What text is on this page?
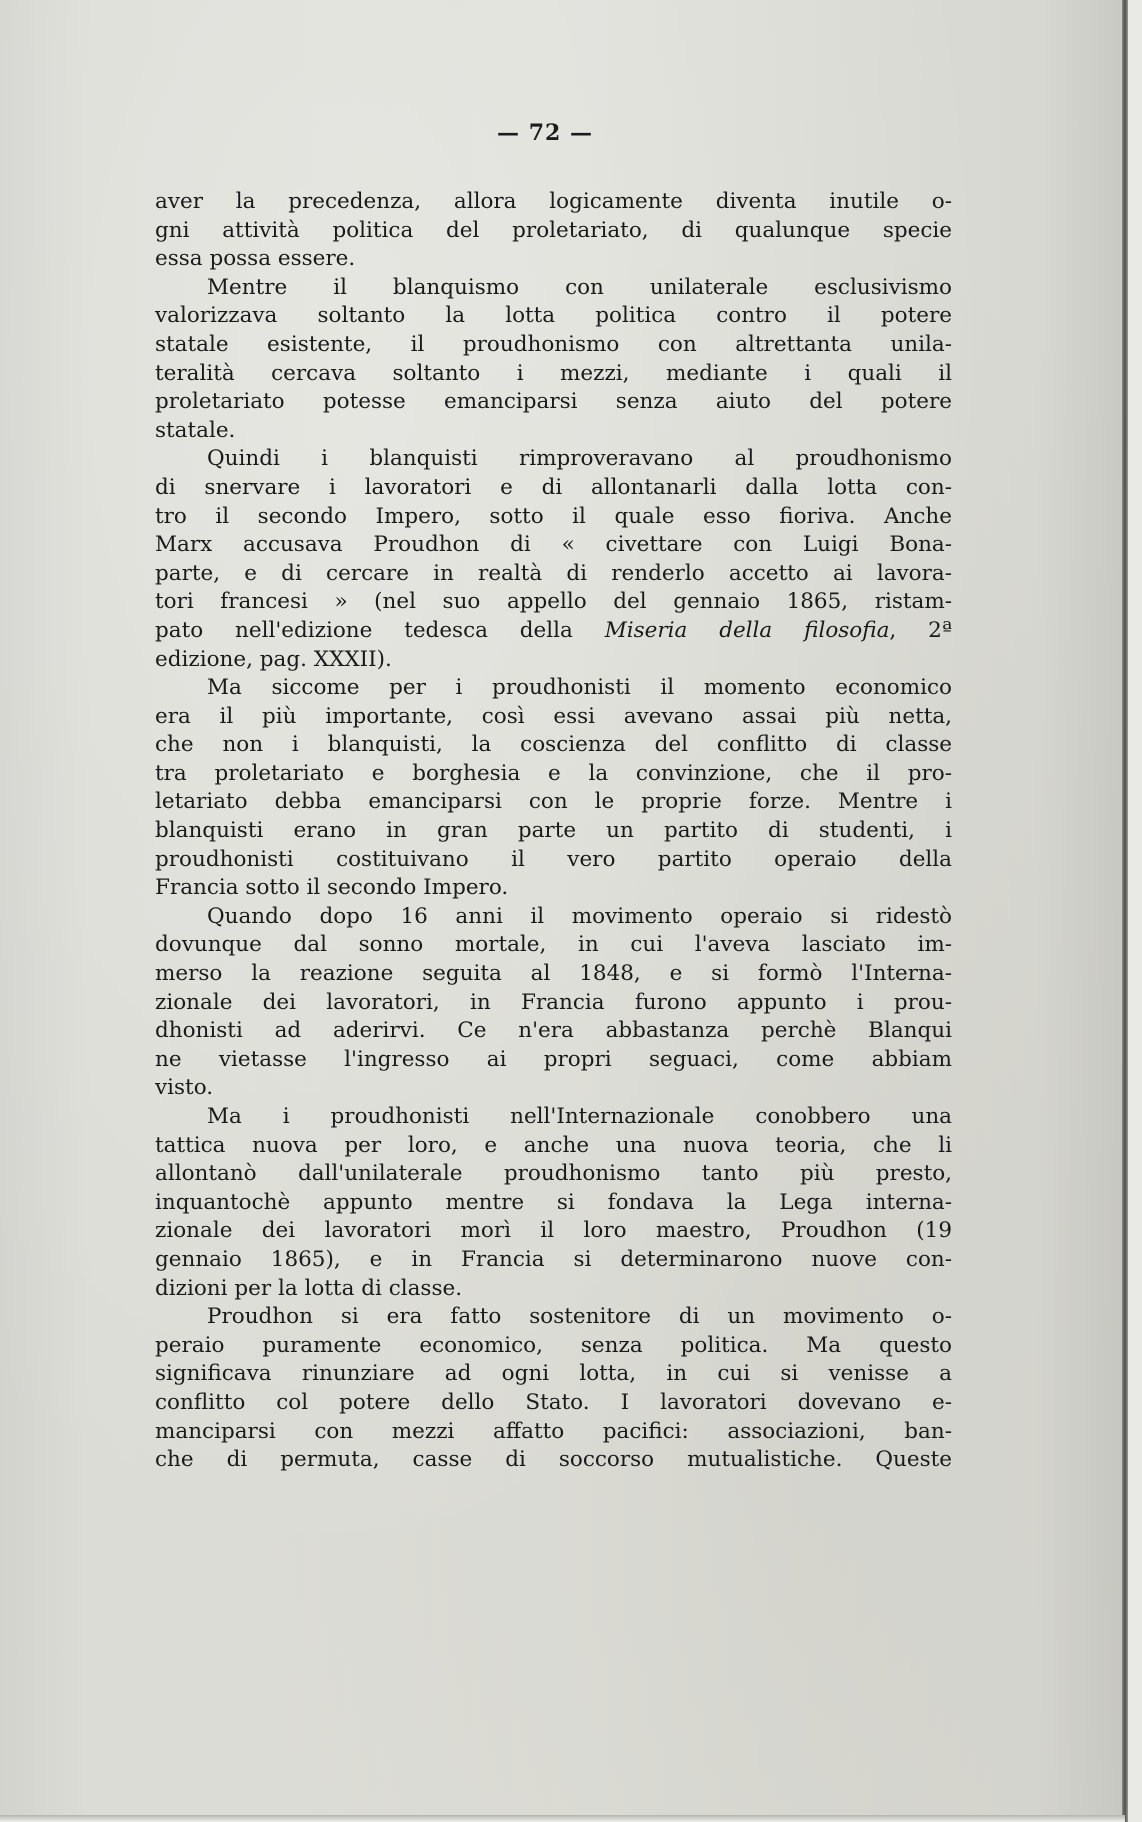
— 72 —
aver la precedenza, allora logicamente diventa inutile o-
gni attività politica del proletariato, di qualunque specie
essa possa essere.
Mentre il blanquismo con unilaterale esclusivismo
valorizzava soltanto la lotta politica contro il potere
statale esistente, il proudhonismo con altrettanta unila-
teralità cercava soltanto i mezzi, mediante i quali il
proletariato potesse emanciparsi senza aiuto del potere
statale.
Quindi i blanquisti rimproveravano al proudhonismo
di snervare i lavoratori e di allontanarli dalla lotta con-
tro il secondo Impero, sotto il quale esso fioriva. Anche
Marx accusava Proudhon di « civettare con Luigi Bona-
parte, e di cercare in realtà di renderlo accetto ai lavora-
tori francesi » (nel suo appello del gennaio 1865, ristam-
pato nell'edizione tedesca della Miseria della filosofia, 2ª
edizione, pag. XXXII).
Ma siccome per i proudhonisti il momento economico
era il più importante, così essi avevano assai più netta,
che non i blanquisti, la coscienza del conflitto di classe
tra proletariato e borghesia e la convinzione, che il pro-
letariato debba emanciparsi con le proprie forze. Mentre i
blanquisti erano in gran parte un partito di studenti, i
proudhonisti costituivano il vero partito operaio della
Francia sotto il secondo Impero.
Quando dopo 16 anni il movimento operaio si ridestò
dovunque dal sonno mortale, in cui l'aveva lasciato im-
merso la reazione seguita al 1848, e si formò l'Interna-
zionale dei lavoratori, in Francia furono appunto i prou-
dhonisti ad aderirvi. Ce n'era abbastanza perchè Blanqui
ne vietasse l'ingresso ai propri seguaci, come abbiam
visto.
Ma i proudhonisti nell'Internazionale conobbero una
tattica nuova per loro, e anche una nuova teoria, che li
allontanò dall'unilaterale proudhonismo tanto più presto,
inquantochè appunto mentre si fondava la Lega interna-
zionale dei lavoratori morì il loro maestro, Proudhon (19
gennaio 1865), e in Francia si determinarono nuove con-
dizioni per la lotta di classe.
Proudhon si era fatto sostenitore di un movimento o-
peraio puramente economico, senza politica. Ma questo
significava rinunziare ad ogni lotta, in cui si venisse a
conflitto col potere dello Stato. I lavoratori dovevano e-
manciparsi con mezzi affatto pacifici: associazioni, ban-
che di permuta, casse di soccorso mutualistiche. Queste
